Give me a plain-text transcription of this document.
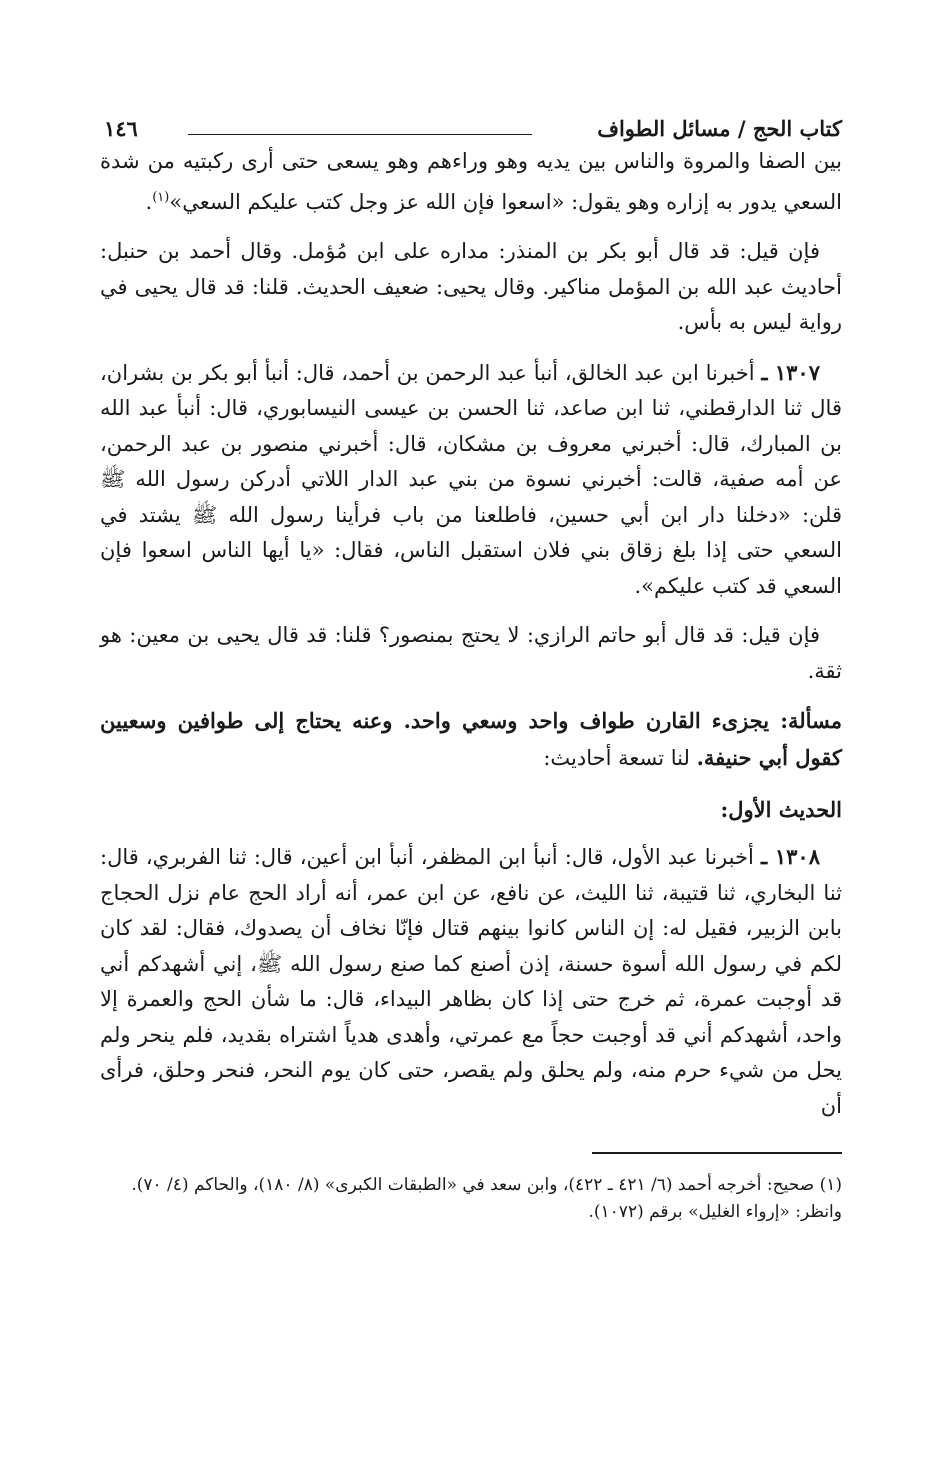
كتاب الحج / مسائل الطواف
١٤٦

بين الصفا والمروة والناس بين يديه وهو وراءهم وهو يسعى حتى أرى ركبتيه من شدة السعي يدور به إزاره وهو يقول: «اسعوا فإن الله عز وجل كتب عليكم السعي»$^{(١)}$.

فإن قيل: قد قال أبو بكر بن المنذر: مداره على ابن مُؤمل. وقال أحمد بن حنبل: أحاديث عبد الله بن المؤمل مناكير. وقال يحيى: ضعيف الحديث. قلنا: قد قال يحيى في رواية ليس به بأس.

١٣٠٧ ـ أخبرنا ابن عبد الخالق، أنبأ عبد الرحمن بن أحمد، قال: أنبأ أبو بكر بن بشران، قال ثنا الدارقطني، ثنا ابن صاعد، ثنا الحسن بن عيسى النيسابوري، قال: أنبأ عبد الله بن المبارك، قال: أخبرني معروف بن مشكان، قال: أخبرني منصور بن عبد الرحمن، عن أمه صفية، قالت: أخبرني نسوة من بني عبد الدار اللاتي أدركن رسول الله ﷺ قلن: «دخلنا دار ابن أبي حسين، فاطلعنا من باب فرأينا رسول الله ﷺ يشتد في السعي حتى إذا بلغ زقاق بني فلان استقبل الناس، فقال: «يا أيها الناس اسعوا فإن السعي قد كتب عليكم».

فإن قيل: قد قال أبو حاتم الرازي: لا يحتج بمنصور؟ قلنا: قد قال يحيى بن معين: هو ثقة.

مسألة: يجزىء القارن طواف واحد وسعي واحد. وعنه يحتاج إلى طوافين وسعيين كقول أبي حنيفة. لنا تسعة أحاديث:

الحديث الأول:

١٣٠٨ ـ أخبرنا عبد الأول، قال: أنبأ ابن المظفر، أنبأ ابن أعين، قال: ثنا الفربري، قال: ثنا البخاري، ثنا قتيبة، ثنا الليث، عن نافع، عن ابن عمر، أنه أراد الحج عام نزل الحجاج بابن الزبير، فقيل له: إن الناس كانوا بينهم قتال فإنّا نخاف أن يصدوك، فقال: لقد كان لكم في رسول الله أسوة حسنة، إذن أصنع كما صنع رسول الله ﷺ، إني أشهدكم أني قد أوجبت عمرة، ثم خرج حتى إذا كان بظاهر البيداء، قال: ما شأن الحج والعمرة إلا واحد، أشهدكم أني قد أوجبت حجاً مع عمرتي، وأهدى هدياً اشتراه بقديد، فلم ينحر ولم يحل من شيء حرم منه، ولم يحلق ولم يقصر، حتى كان يوم النحر، فنحر وحلق، فرأى أن

(١) صحيح: أخرجه أحمد (٦/ ٤٢١ ـ ٤٢٢)، وابن سعد في «الطبقات الكبرى» (٨/ ١٨٠)، والحاكم (٤/ ٧٠).

وانظر: «إرواء الغليل» برقم (١٠٧٢).
